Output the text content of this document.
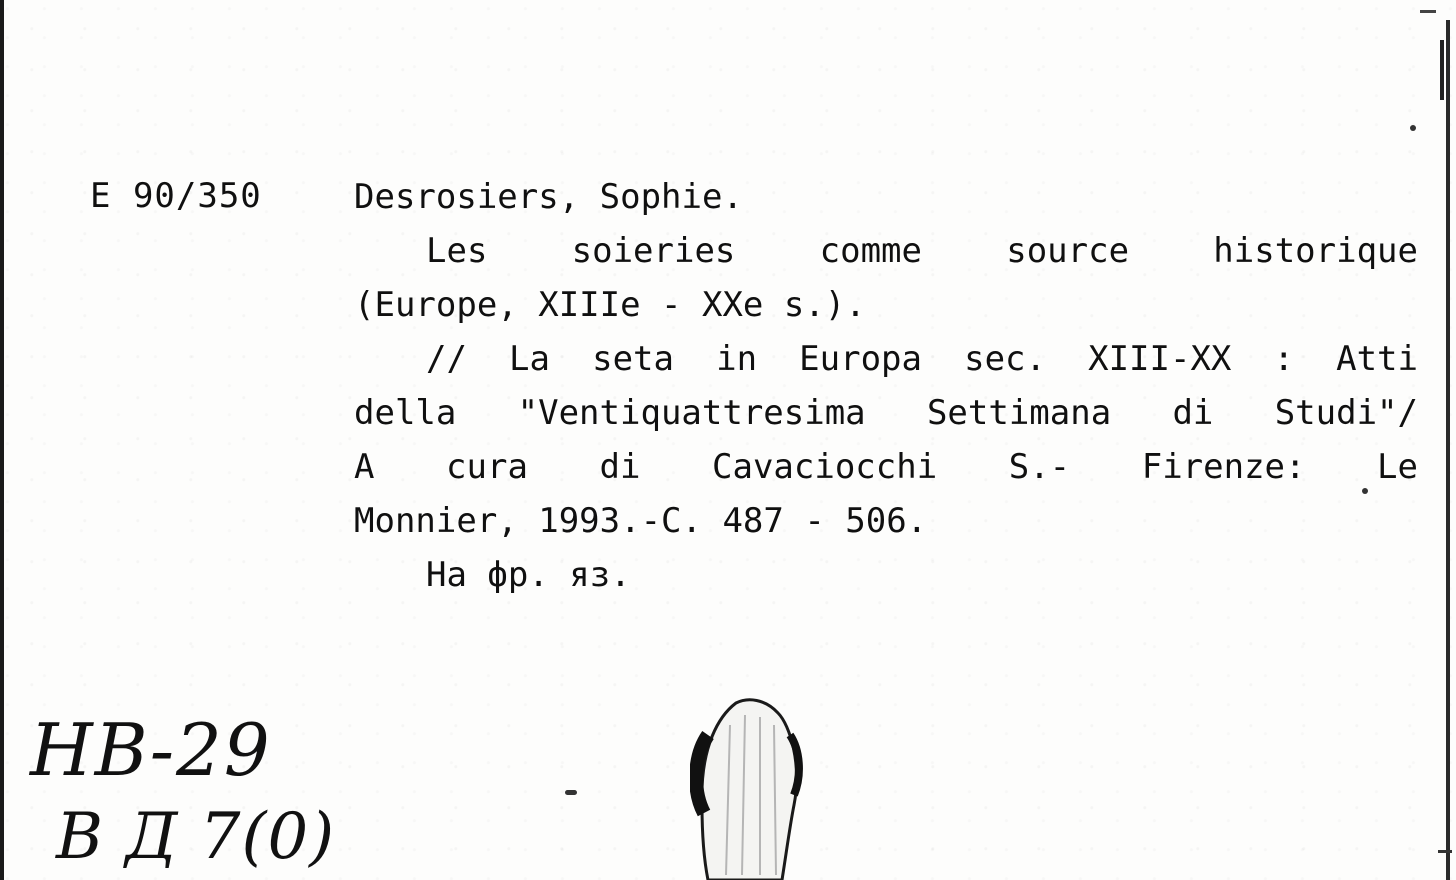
E 90/350	Desrosiers, Sophie.
Les soieries comme source historique
(Europe, XIIIe - XXe s.).
// La seta in Europa sec. XIII-XX : Atti
della "Ventiquattresima Settimana di Studi"/
A cura di Cavaciocchi S.- Firenze: Le
Monnier, 1993.-C. 487 - 506.
На фр. яз.
НВ-29
В Д 7(0)
